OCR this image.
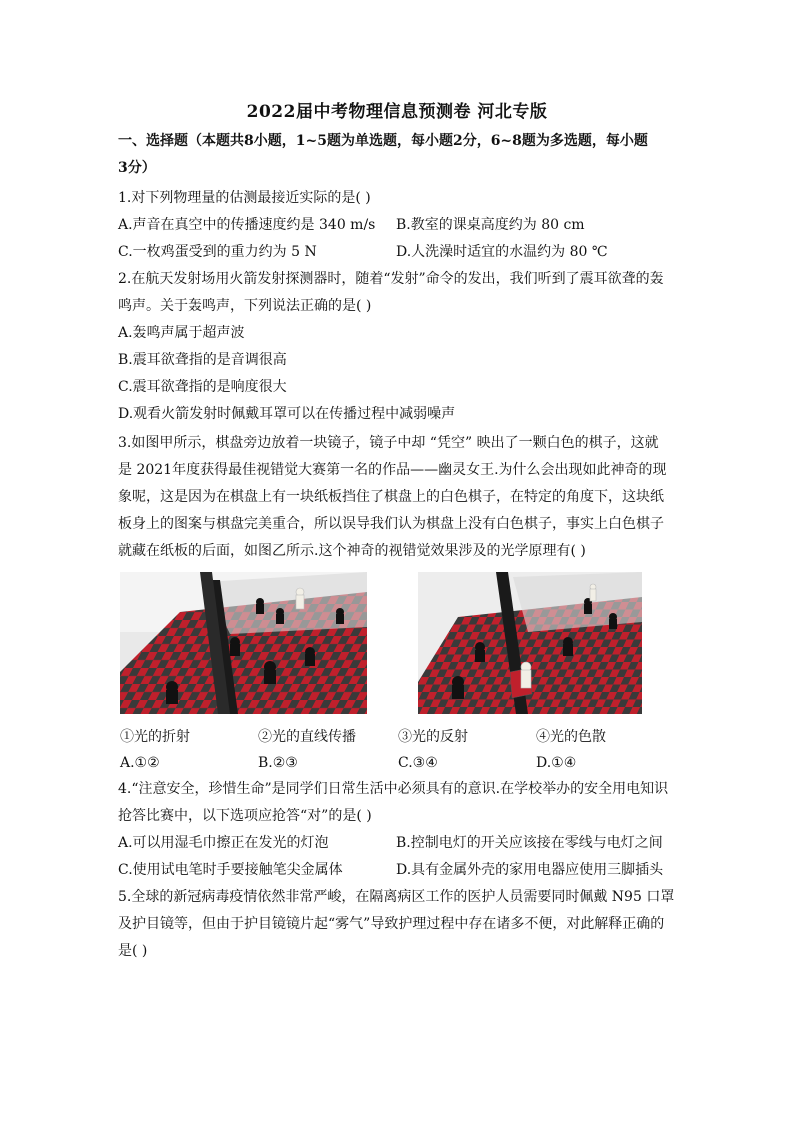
2022届中考物理信息预测卷 河北专版
一、选择题（本题共8小题，1~5题为单选题，每小题2分，6~8题为多选题，每小题
3分）
1.对下列物理量的估测最接近实际的是( )
A.声音在真空中的传播速度约是 340 m/s B.教室的课桌高度约为 80 cm
C.一枚鸡蛋受到的重力约为 5 N	D.人洗澡时适宜的水温约为 80 ℃
2.在航天发射场用火箭发射探测器时，随着“发射”命令的发出，我们听到了震耳欲聋的轰
鸣声。关于轰鸣声，下列说法正确的是( )
A.轰鸣声属于超声波
B.震耳欲聋指的是音调很高
C.震耳欲聋指的是响度很大
D.观看火箭发射时佩戴耳罩可以在传播过程中减弱噪声
3.如图甲所示，棋盘旁边放着一块镜子，镜子中却 “凭空” 映出了一颗白色的棋子，这就
是 2021年度获得最佳视错觉大赛第一名的作品——幽灵女王.为什么会出现如此神奇的现
象呢，这是因为在棋盘上有一块纸板挡住了棋盘上的白色棋子，在特定的角度下，这块纸
板身上的图案与棋盘完美重合，所以误导我们认为棋盘上没有白色棋子，事实上白色棋子
就藏在纸板的后面，如图乙所示.这个神奇的视错觉效果涉及的光学原理有( )
①光的折射	②光的直线传播	③光的反射	④光的色散
A.①②	B.②③	C.③④	D.①④
4.“注意安全，珍惜生命”是同学们日常生活中必须具有的意识.在学校举办的安全用电知识
抢答比赛中，以下选项应抢答“对”的是( )
A.可以用湿毛巾擦正在发光的灯泡	B.控制电灯的开关应该接在零线与电灯之间
C.使用试电笔时手要接触笔尖金属体	D.具有金属外壳的家用电器应使用三脚插头
5.全球的新冠病毒疫情依然非常严峻，在隔离病区工作的医护人员需要同时佩戴 N95 口罩
及护目镜等，但由于护目镜镜片起“雾气”导致护理过程中存在诸多不便，对此解释正确的
是( )
